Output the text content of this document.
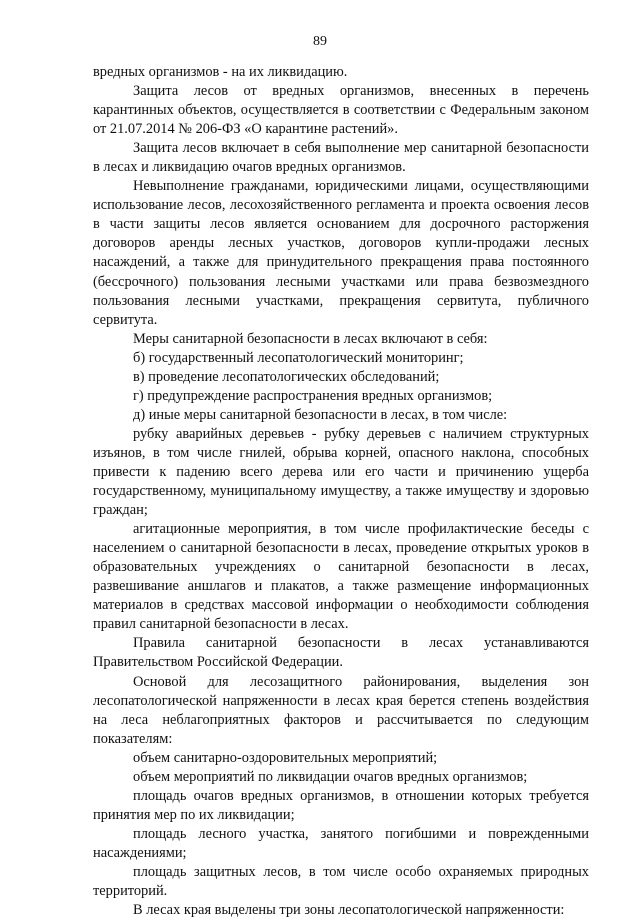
89

вредных организмов - на их ликвидацию.

Защита лесов от вредных организмов, внесенных в перечень карантинных объектов, осуществляется в соответствии с Федеральным законом от 21.07.2014 № 206-ФЗ «О карантине растений».

Защита лесов включает в себя выполнение мер санитарной безопасности в лесах и ликвидацию очагов вредных организмов.

Невыполнение гражданами, юридическими лицами, осуществляющими использование лесов, лесохозяйственного регламента и проекта освоения лесов в части защиты лесов является основанием для досрочного расторжения договоров аренды лесных участков, договоров купли-продажи лесных насаждений, а также для принудительного прекращения права постоянного (бессрочного) пользования лесными участками или права безвозмездного пользования лесными участками, прекращения сервитута, публичного сервитута.

Меры санитарной безопасности в лесах включают в себя:

б) государственный лесопатологический мониторинг;

в) проведение лесопатологических обследований;

г) предупреждение распространения вредных организмов;

д) иные меры санитарной безопасности в лесах, в том числе:

рубку аварийных деревьев - рубку деревьев с наличием структурных изъянов, в том числе гнилей, обрыва корней, опасного наклона, способных привести к падению всего дерева или его части и причинению ущерба государственному, муниципальному имуществу, а также имуществу и здоровью граждан;

агитационные мероприятия, в том числе профилактические беседы с населением о санитарной безопасности в лесах, проведение открытых уроков в образовательных учреждениях о санитарной безопасности в лесах, развешивание аншлагов и плакатов, а также размещение информационных материалов в средствах массовой информации о необходимости соблюдения правил санитарной безопасности в лесах.

Правила санитарной безопасности в лесах устанавливаются Правительством Российской Федерации.

Основой для лесозащитного районирования, выделения зон лесопатологической напряженности в лесах края берется степень воздействия на леса неблагоприятных факторов и рассчитывается по следующим показателям:

объем санитарно-оздоровительных мероприятий;

объем мероприятий по ликвидации очагов вредных организмов;

площадь очагов вредных организмов, в отношении которых требуется принятия мер по их ликвидации;

площадь лесного участка, занятого погибшими и поврежденными насаждениями;

площадь защитных лесов, в том числе особо охраняемых природных территорий.

В лесах края выделены три зоны лесопатологической напряженности:
